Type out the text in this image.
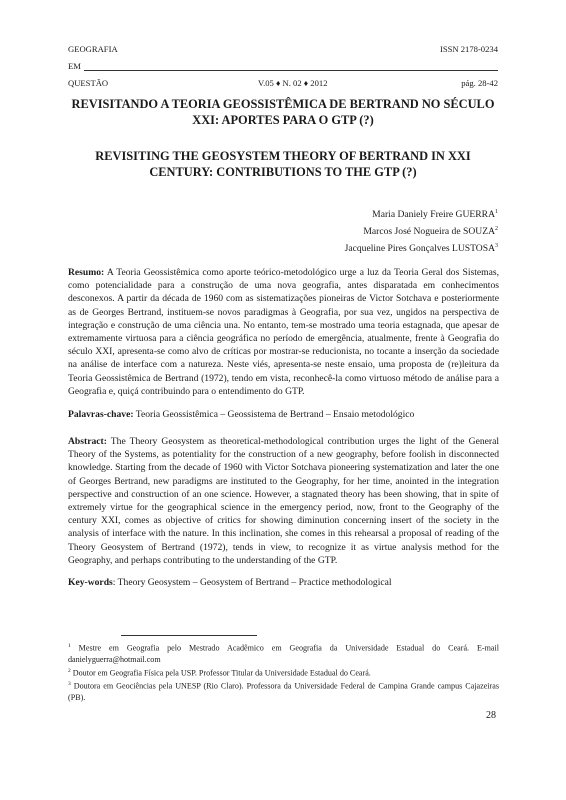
GEOGRAFIA	ISSN 2178-0234
EM
QUESTÃO	V.05 ♦ N. 02 ♦ 2012	pág. 28-42
REVISITANDO A TEORIA GEOSSISTÊMICA DE BERTRAND NO SÉCULO XXI: APORTES PARA O GTP (?)
REVISITING THE GEOSYSTEM THEORY OF BERTRAND IN XXI CENTURY: CONTRIBUTIONS TO THE GTP (?)
Maria Daniely Freire GUERRA$^1$
Marcos José Nogueira de SOUZA$^2$
Jacqueline Pires Gonçalves LUSTOSA$^3$

Resumo: A Teoria Geossistêmica como aporte teórico-metodológico urge a luz da Teoria Geral dos Sistemas, como potencialidade para a construção de uma nova geografia, antes disparatada em conhecimentos desconexos. A partir da década de 1960 com as sistematizações pioneiras de Victor Sotchava e posteriormente as de Georges Bertrand, instituem-se novos paradigmas à Geografia, por sua vez, ungidos na perspectiva de integração e construção de uma ciência una. No entanto, tem-se mostrado uma teoria estagnada, que apesar de extremamente virtuosa para a ciência geográfica no período de emergência, atualmente, frente à Geografia do século XXI, apresenta-se como alvo de críticas por mostrar-se reducionista, no tocante a inserção da sociedade na análise de interface com a natureza. Neste viés, apresenta-se neste ensaio, uma proposta de (re)leitura da Teoria Geossistêmica de Bertrand (1972), tendo em vista, reconhecê-la como virtuoso método de análise para a Geografia e, quiçá contribuindo para o entendimento do GTP.

Palavras-chave: Teoria Geossistêmica – Geossistema de Bertrand – Ensaio metodológico

Abstract: The Theory Geosystem as theoretical-methodological contribution urges the light of the General Theory of the Systems, as potentiality for the construction of a new geography, before foolish in disconnected knowledge. Starting from the decade of 1960 with Victor Sotchava pioneering systematization and later the one of Georges Bertrand, new paradigms are instituted to the Geography, for her time, anointed in the integration perspective and construction of an one science. However, a stagnated theory has been showing, that in spite of extremely virtue for the geographical science in the emergency period, now, front to the Geography of the century XXI, comes as objective of critics for showing diminution concerning insert of the society in the analysis of interface with the nature. In this inclination, she comes in this rehearsal a proposal of reading of the Theory Geosystem of Bertrand (1972), tends in view, to recognize it as virtue analysis method for the Geography, and perhaps contributing to the understanding of the GTP.

Key-words: Theory Geosystem – Geosystem of Bertrand – Practice methodological

$^1$ Mestre em Geografia pelo Mestrado Acadêmico em Geografia da Universidade Estadual do Ceará. E-mail danielyguerra@hotmail.com

$^2$ Doutor em Geografia Física pela USP. Professor Titular da Universidade Estadual do Ceará.

$^3$ Doutora em Geociências pela UNESP (Rio Claro). Professora da Universidade Federal de Campina Grande campus Cajazeiras (PB).

28
